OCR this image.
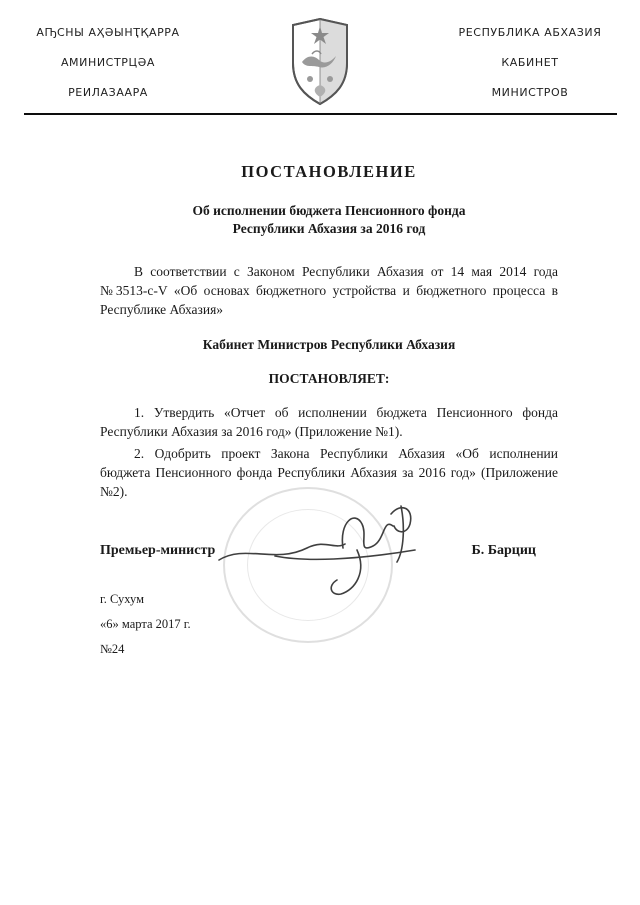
АҦСНЫ АҲӘЫНҬҚАРРА
АМИНИСТРЦӘА
РЕИЛАЗААРА
РЕСПУБЛИКА АБХАЗИЯ
КАБИНЕТ
МИНИСТРОВ
ПОСТАНОВЛЕНИЕ
Об исполнении бюджета Пенсионного фонда
Республики Абхазия за 2016 год

В соответствии с Законом Республики Абхазия от 14 мая 2014 года №3513-с-V «Об основах бюджетного устройства и бюджетного процесса в Республике Абхазия»

Кабинет Министров Республики Абхазия
ПОСТАНОВЛЯЕТ:

1. Утвердить «Отчет об исполнении бюджета Пенсионного фонда Республики Абхазия за 2016 год» (Приложение №1).

2. Одобрить проект Закона Республики Абхазия «Об исполнении бюджета Пенсионного фонда Республики Абхазия за 2016 год» (Приложение №2).

Премьер-министр	Б. Барциц
г. Сухум
«6» марта 2017 г.
№24
